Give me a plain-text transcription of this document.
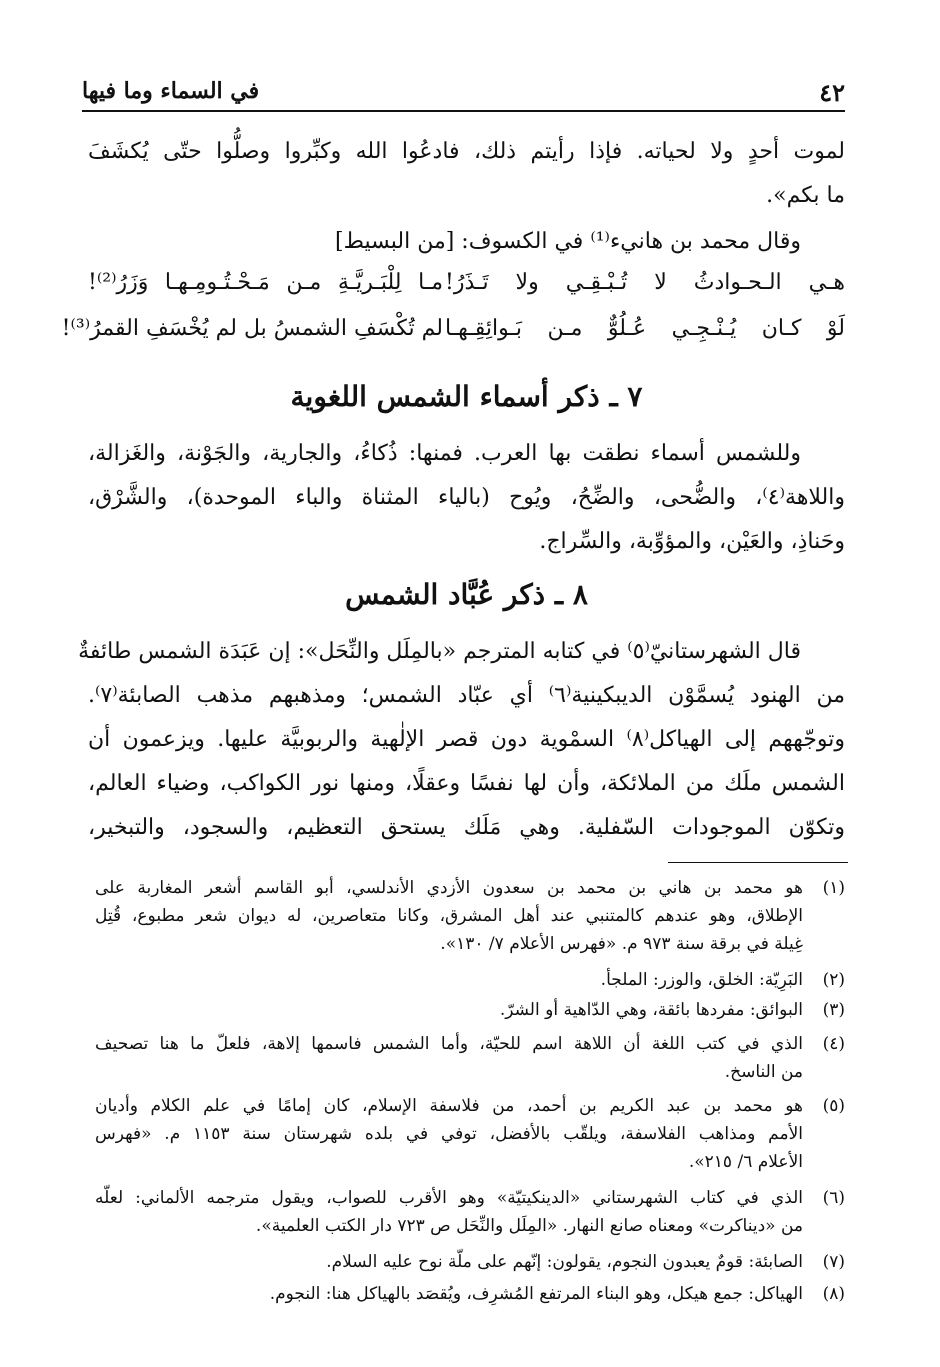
٤٢
في السماء وما فيها
لموت أحدٍ ولا لحياته. فإذا رأيتم ذلك، فادعُوا الله وكبِّروا وصلُّوا حتّى يُكشَفَ
ما بكم».
وقال محمد بن هانيء⁽¹⁾ في الكسوف: [من البسيط]
هـي الـحـوادثُ لا تُـبْـقِـي ولا تَـذَرُ!
مـا لِلْبَـريَّـةِ مـن مَـحْـتُـومِـهـا وَزَرُ⁽²⁾!
لَوْ كـان يُـنْـجِـي عُـلُوٌّ مـن بَـوائِقِـهـا
لم تُكْسَفِ الشمسُ بل لم يُخْسَفِ القمرُ⁽³⁾!
٧ ـ ذكر أسماء الشمس اللغوية
وللشمس أسماء نطقت بها العرب. فمنها: ذُكاءُ، والجارية، والجَوْنة، والغَزالة،
واللاهة⁽٤⁾، والضُّحى، والضِّحُ، ويُوح (بالياء المثناة والباء الموحدة)، والشَّرْق،
وحَناذِ، والعَيْن، والمؤوِّبة، والسِّراج.
٨ ـ ذكر عُبَّاد الشمس
قال الشهرستانيّ⁽٥⁾ في كتابه المترجم «بالمِلَل والنِّحَل»: إن عَبَدَة الشمس طائفةٌ
من الهنود يُسمَّوْن الديبكينية⁽٦⁾ أي عبّاد الشمس؛ ومذهبهم مذهب الصابئة⁽٧⁾.
وتوجّههم إلى الهياكل⁽٨⁾ السمْوية دون قصر الإلٰهية والربوبيَّة عليها. ويزعمون أن
الشمس ملَك من الملائكة، وأن لها نفسًا وعقلًا، ومنها نور الكواكب، وضياء العالم،
وتكوّن الموجودات السّفلية. وهي مَلَك يستحق التعظيم، والسجود، والتبخير،
(١)
هو محمد بن هاني بن محمد بن سعدون الأزدي الأندلسي، أبو القاسم أشعر المغاربة على
الإطلاق، وهو عندهم كالمتنبي عند أهل المشرق، وكانا متعاصرين، له ديوان شعر مطبوع، قُتِل
غِيلة في برقة سنة ٩٧٣ م. «فهرس الأعلام ٧/ ١٣٠».
(٢)
البَرِيّة: الخلق، والوزر: الملجأ.
(٣)
البوائق: مفردها بائقة، وهي الدّاهية أو الشرّ.
(٤)
الذي في كتب اللغة أن اللاهة اسم للحيّة، وأما الشمس فاسمها إلاهة، فلعلّ ما هنا تصحيف
من الناسخ.
(٥)
هو محمد بن عبد الكريم بن أحمد، من فلاسفة الإسلام، كان إمامًا في علم الكلام وأديان
الأمم ومذاهب الفلاسفة، ويلقّب بالأفضل، توفي في بلده شهرستان سنة ١١٥٣ م. «فهرس
الأعلام ٦/ ٢١٥».
(٦)
الذي في كتاب الشهرستاني «الدينكيتيّة» وهو الأقرب للصواب، ويقول مترجمه الألماني: لعلّه
من «ديناكرت» ومعناه صانع النهار. «المِلَل والنِّحَل ص ٧٢٣ دار الكتب العلمية».
(٧)
الصابئة: قومٌ يعبدون النجوم، يقولون: إنّهم على ملّة نوح عليه السلام.
(٨)
الهياكل: جمع هيكل، وهو البناء المرتفع المُشرِف، ويُقصَد بالهياكل هنا: النجوم.
